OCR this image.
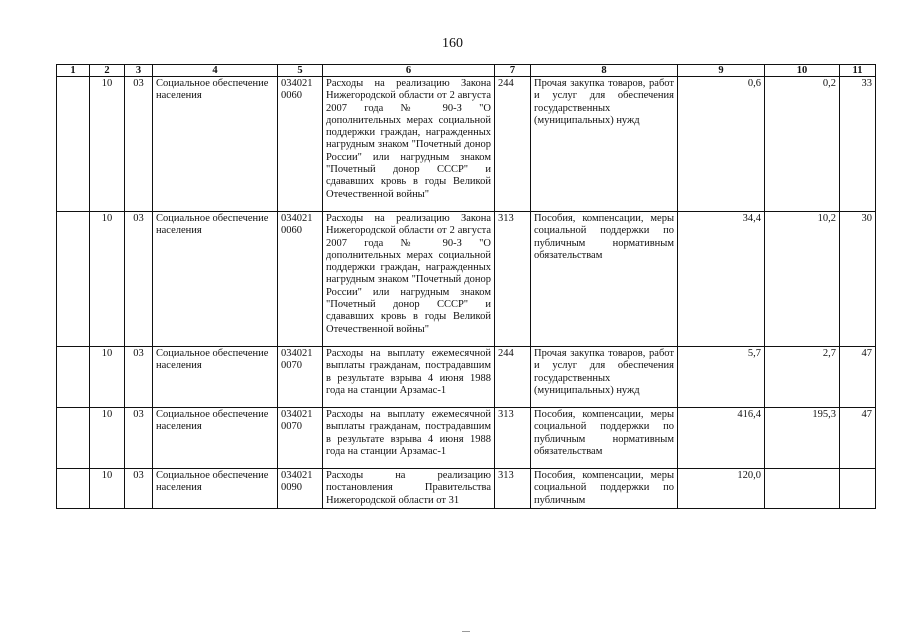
160
1	2	3	4	5	6	7	8	9	10	11
	10	03	Социальное обеспечение населения	034021 0060	Расходы на реализацию Закона Нижегородской области от 2 августа 2007 года № 90-З "О дополнительных мерах социальной поддержки граждан, награжденных нагрудным знаком "Почетный донор России" или нагрудным знаком "Почетный донор СССР" и сдававших кровь в годы Великой Отечественной войны"	244	Прочая закупка товаров, работ и услуг для обеспечения государственных (муниципальных) нужд	0,6	0,2	33
	10	03	Социальное обеспечение населения	034021 0060	Расходы на реализацию Закона Нижегородской области от 2 августа 2007 года № 90-З "О дополнительных мерах социальной поддержки граждан, награжденных нагрудным знаком "Почетный донор России" или нагрудным знаком "Почетный донор СССР" и сдававших кровь в годы Великой Отечественной войны"	313	Пособия, компенсации, меры социальной поддержки по публичным нормативным обязательствам	34,4	10,2	30
	10	03	Социальное обеспечение населения	034021 0070	Расходы на выплату ежемесячной выплаты гражданам, пострадавшим в результате взрыва 4 июня 1988 года на станции Арзамас-1	244	Прочая закупка товаров, работ и услуг для обеспечения государственных (муниципальных) нужд	5,7	2,7	47
	10	03	Социальное обеспечение населения	034021 0070	Расходы на выплату ежемесячной выплаты гражданам, пострадавшим в результате взрыва 4 июня 1988 года на станции Арзамас-1	313	Пособия, компенсации, меры социальной поддержки по публичным нормативным обязательствам	416,4	195,3	47
	10	03	Социальное обеспечение населения	034021 0090	Расходы на реализацию постановления Правительства Нижегородской области от 31	313	Пособия, компенсации, меры социальной поддержки по публичным	120,0		
